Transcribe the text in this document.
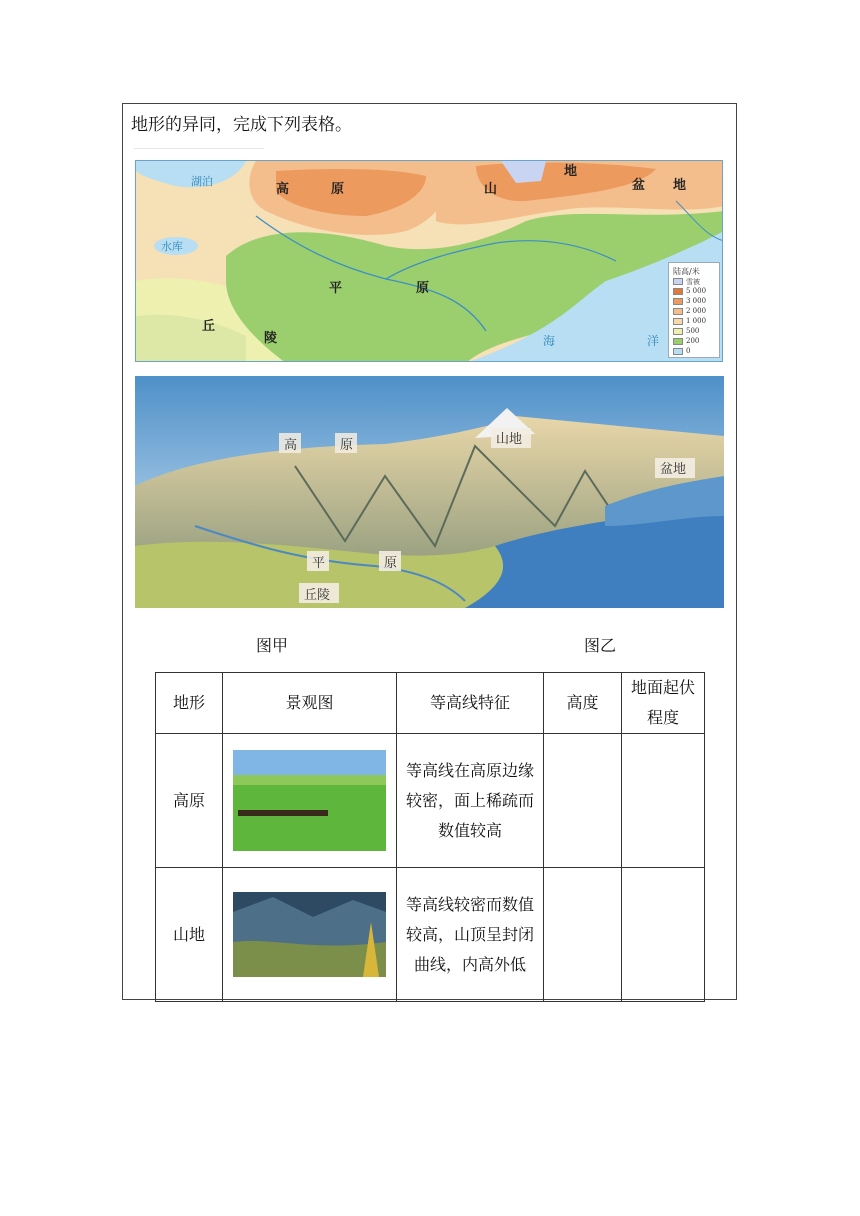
地形的异同，完成下列表格。
湖泊
水库
高	原	山
地
盆 地
平	原
丘
陵	海	洋
陆高/米
雪被
5 000
3 000
2 000
1 000
500
200
0
高	原	山地
盆地
平	原
丘陵
图甲	图乙
地形	景观图	等高线特征	高度	地面起伏程度
高原		等高线在高原边缘较密，面上稀疏而数值较高		
山地		等高线较密而数值较高，山顶呈封闭曲线，内高外低		
